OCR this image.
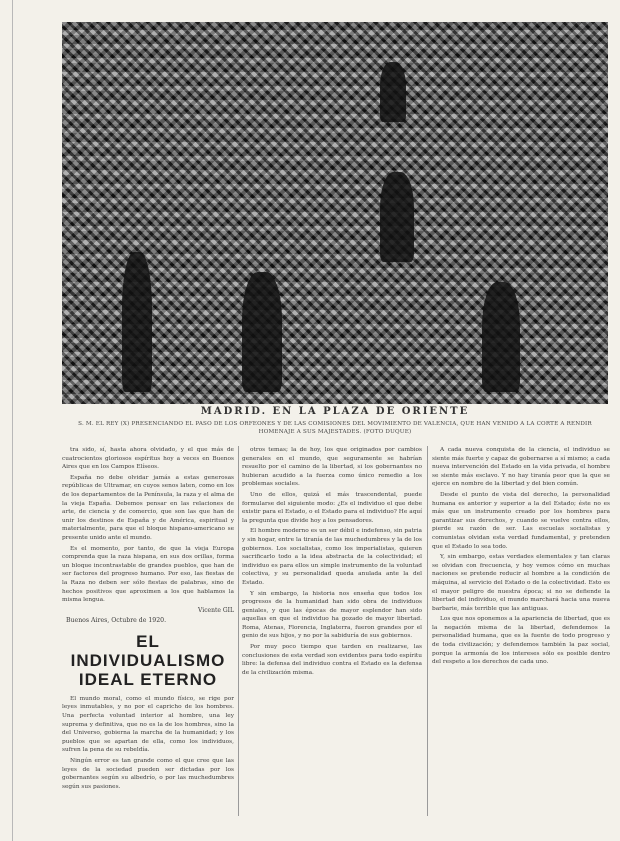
MADRID. EN LA PLAZA DE ORIENTE
S. M. EL REY (X) PRESENCIANDO EL PASO DE LOS ORFEONES Y DE LAS COMISIONES DEL MOVIMIENTO DE VALENCIA, QUE HAN VENIDO A LA CORTE A RENDIR HOMENAJE A SUS MAJESTADES. (FOTO DUQUE)

tra sido, sí, hasta ahora olvidado, y el que más de cuatrocientos gloriosos espíritus hoy a veces en Buenos Aires que en los Campos Elíseos.

España no debe olvidar jamás a estas generosas repúblicas de Ultramar, en cuyos senos laten, como en los de los departamentos de la Península, la raza y el alma de la vieja España. Debemos pensar en las relaciones de arte, de ciencia y de comercio, que son las que han de unir los destinos de España y de América, espiritual y materialmente, para que el bloque hispano-americano se presente unido ante el mundo.

Es el momento, por tanto, de que la vieja Europa comprenda que la raza hispana, en sus dos orillas, forma un bloque incontrastable de grandes pueblos, que han de ser factores del progreso humano. Por eso, las fiestas de la Raza no deben ser sólo fiestas de palabras, sino de hechos positivos que aproximen a los que hablamos la misma lengua.

Vicente GIL
Buenos Aires, Octubre de 1920.
EL INDIVIDUALISMO
IDEAL ETERNO

El mundo moral, como el mundo físico, se rige por leyes inmutables, y no por el capricho de los hombres. Una perfecta voluntad interior al hombre, una ley suprema y definitiva, que no es la de los hombres, sino la del Universo, gobierna la marcha de la humanidad; y los pueblos que se apartan de ella, como los individuos, sufren la pena de su rebeldía.

Ningún error es tan grande como el que cree que las leyes de la sociedad pueden ser dictadas por los gobernantes según su albedrío, o por las muchedumbres según sus pasiones.

otros temas; la de hoy, los que originados por cambios generales en el mundo, que seguramente se habrían resuelto por el camino de la libertad, si los gobernantes no hubieran acudido a la fuerza como único remedio a los problemas sociales.

Uno de ellos, quizá el más trascendental, puede formularse del siguiente modo: ¿Es el individuo el que debe existir para el Estado, o el Estado para el individuo? He aquí la pregunta que divide hoy a los pensadores.

El hombre moderno es un ser débil e indefenso, sin patria y sin hogar, entre la tiranía de las muchedumbres y la de los gobiernos. Los socialistas, como los imperialistas, quieren sacrificarlo todo a la idea abstracta de la colectividad; el individuo es para ellos un simple instrumento de la voluntad colectiva, y su personalidad queda anulada ante la del Estado.

Y sin embargo, la historia nos enseña que todos los progresos de la humanidad han sido obra de individuos geniales, y que las épocas de mayor esplendor han sido aquellas en que el individuo ha gozado de mayor libertad. Roma, Atenas, Florencia, Inglaterra, fueron grandes por el genio de sus hijos, y no por la sabiduría de sus gobiernos.

Por muy poco tiempo que tarden en realizarse, las conclusiones de esta verdad son evidentes para todo espíritu libre: la defensa del individuo contra el Estado es la defensa de la civilización misma.

A cada nueva conquista de la ciencia, el individuo se siente más fuerte y capaz de gobernarse a sí mismo; a cada nueva intervención del Estado en la vida privada, el hombre se siente más esclavo. Y no hay tiranía peor que la que se ejerce en nombre de la libertad y del bien común.

Desde el punto de vista del derecho, la personalidad humana es anterior y superior a la del Estado; éste no es más que un instrumento creado por los hombres para garantizar sus derechos, y cuando se vuelve contra ellos, pierde su razón de ser. Las escuelas socialistas y comunistas olvidan esta verdad fundamental, y pretenden que el Estado lo sea todo.

Y, sin embargo, estas verdades elementales y tan claras se olvidan con frecuencia, y hoy vemos cómo en muchas naciones se pretende reducir al hombre a la condición de máquina, al servicio del Estado o de la colectividad. Esto es el mayor peligro de nuestra época; si no se defiende la libertad del individuo, el mundo marchará hacia una nueva barbarie, más terrible que las antiguas.

Los que nos oponemos a la apariencia de libertad, que es la negación misma de la libertad, defendemos la personalidad humana, que es la fuente de todo progreso y de toda civilización; y defendemos también la paz social, porque la armonía de los intereses sólo es posible dentro del respeto a los derechos de cada uno.
